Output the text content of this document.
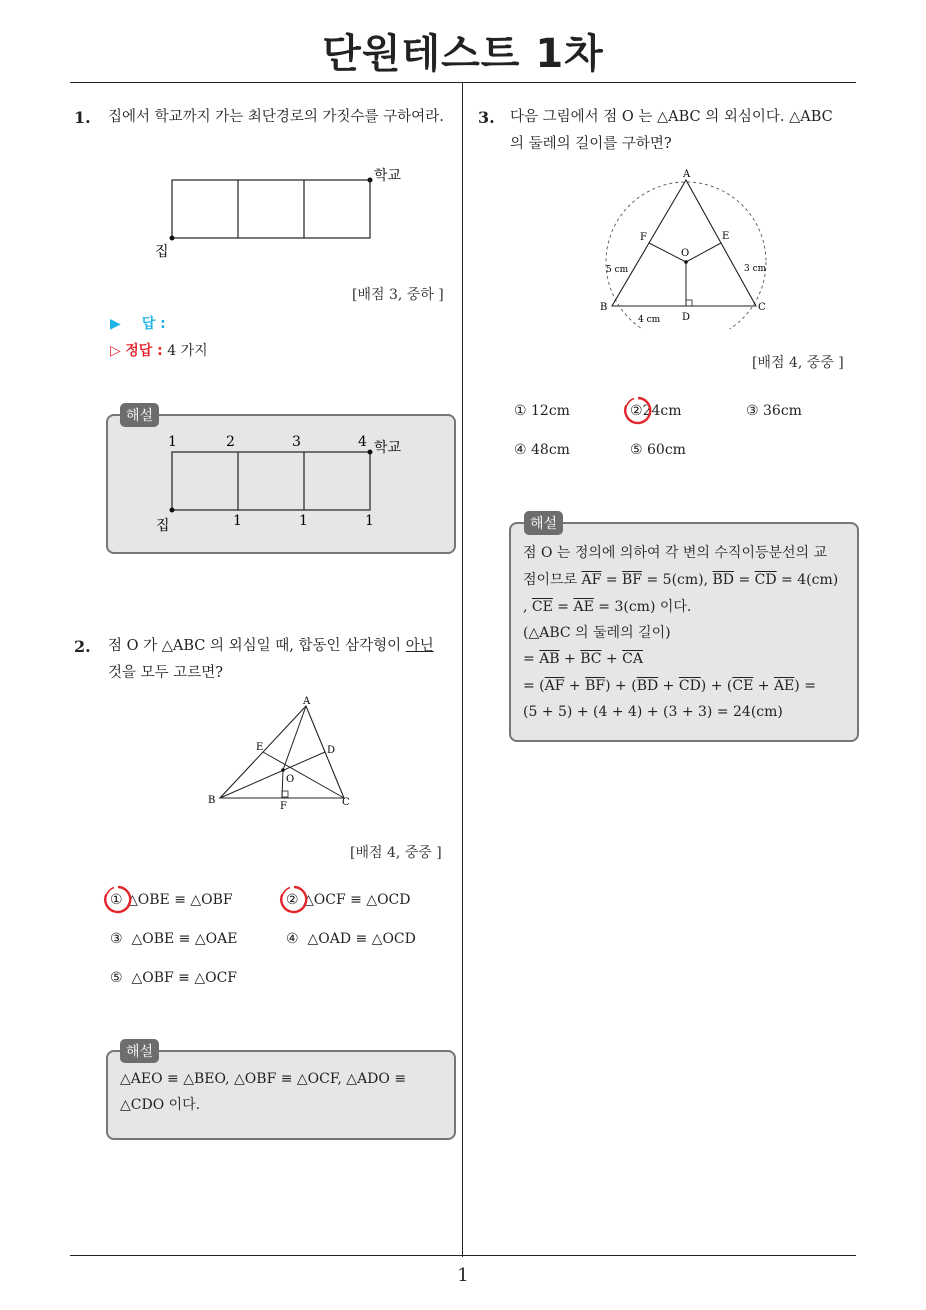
단원테스트 1차
1
1. 집에서 학교까지 가는 최단경로의 가짓수를 구하여라.
학교
집
[배점 3, 중하 ]
▶ 답 :
▷ 정답 : 4 가지
1	2	3	4 학교
집	1	1	1
해설
2. 점 O 가 △ABC 의 외심일 때, 합동인 삼각형이 아닌
것을 모두 고르면?
A
B	C
D
E
F
O
[배점 4, 중중 ]
① △OBE ≡ △OBF	② △OCF ≡ △OCD
③ △OBE ≡ △OAE	④ △OAD ≡ △OCD
⑤ △OBF ≡ △OCF
△AEO ≡ △BEO, △OBF ≡ △OCF, △ADO ≡
△CDO 이다.
해설
3. 다음 그림에서 점 O 는 △ABC 의 외심이다. △ABC
의 둘레의 길이를 구하면?
A
B	C
D
E
F
O
5 cm	3 cm
4 cm
[배점 4, 중중 ]
① 12cm	②24cm	③ 36cm
④ 48cm	⑤ 60cm
점 O 는 정의에 의하여 각 변의 수직이등분선의 교
점이므로 $\overline{AF} = \overline{BF} = 5(cm)$, $\overline{BD} = \overline{CD} = 4(cm)$
, $\overline{CE} = \overline{AE} = 3(cm)$ 이다.
(△ABC 의 둘레의 길이)
= $\overline{AB} + \overline{BC} + \overline{CA}$
= $(\overline{AF} + \overline{BF}) + (\overline{BD} + \overline{CD}) + (\overline{CE} + \overline{AE})$ =
(5 + 5) + (4 + 4) + (3 + 3) = 24(cm)
해설
